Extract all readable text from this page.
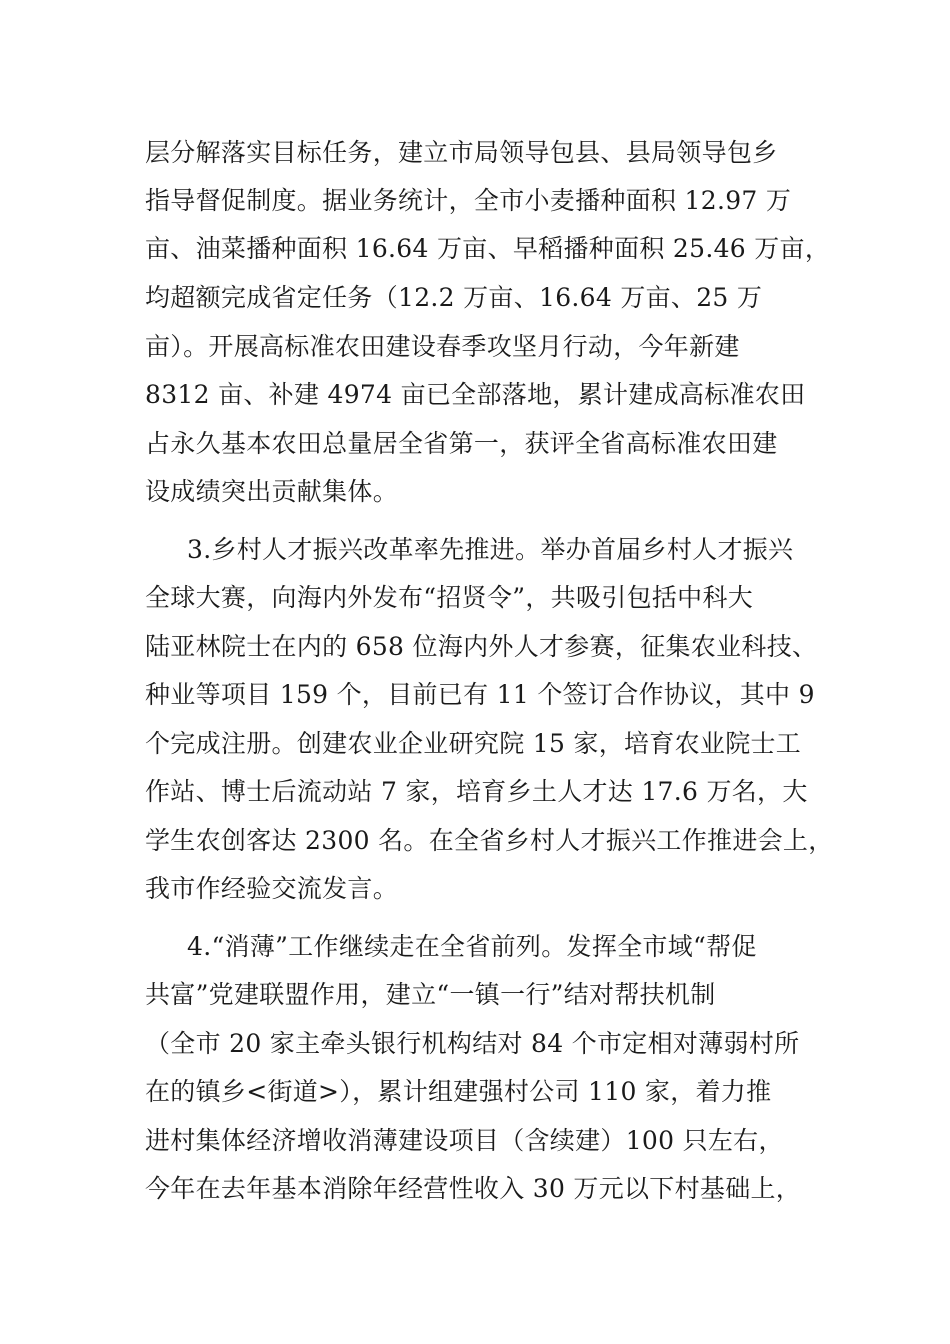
层分解落实目标任务，建立市局领导包县、县局领导包乡
指导督促制度。据业务统计，全市小麦播种面积 12.97 万
亩、油菜播种面积 16.64 万亩、早稻播种面积 25.46 万亩，
均超额完成省定任务（12.2 万亩、16.64 万亩、25 万
亩）。开展高标准农田建设春季攻坚月行动，今年新建
8312 亩、补建 4974 亩已全部落地，累计建成高标准农田
占永久基本农田总量居全省第一，获评全省高标准农田建
设成绩突出贡献集体。
3.乡村人才振兴改革率先推进。举办首届乡村人才振兴
全球大赛，向海内外发布“招贤令”，共吸引包括中科大
陆亚林院士在内的 658 位海内外人才参赛，征集农业科技、
种业等项目 159 个，目前已有 11 个签订合作协议，其中 9
个完成注册。创建农业企业研究院 15 家，培育农业院士工
作站、博士后流动站 7 家，培育乡土人才达 17.6 万名，大
学生农创客达 2300 名。在全省乡村人才振兴工作推进会上，
我市作经验交流发言。
4.“消薄”工作继续走在全省前列。发挥全市域“帮促
共富”党建联盟作用，建立“一镇一行”结对帮扶机制
（全市 20 家主牵头银行机构结对 84 个市定相对薄弱村所
在的镇乡<街道>），累计组建强村公司 110 家，着力推
进村集体经济增收消薄建设项目（含续建）100 只左右，
今年在去年基本消除年经营性收入 30 万元以下村基础上，
